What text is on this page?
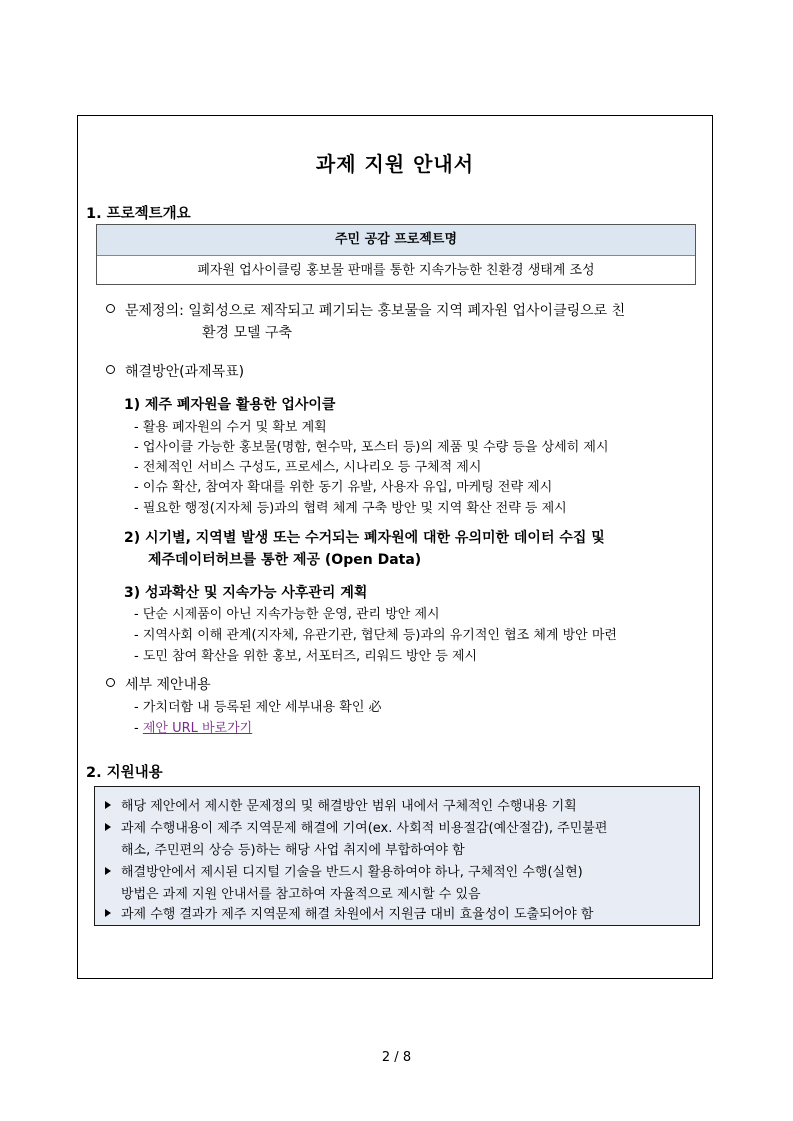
과제 지원 안내서
1. 프로젝트개요
주민 공감 프로젝트명
폐자원 업사이클링 홍보물 판매를 통한 지속가능한 친환경 생태계 조성
문제정의: 일회성으로 제작되고 폐기되는 홍보물을 지역 폐자원 업사이클링으로 친
환경 모델 구축
해결방안(과제목표)
1) 제주 폐자원을 활용한 업사이클
- 활용 폐자원의 수거 및 확보 계획
- 업사이클 가능한 홍보물(명함, 현수막, 포스터 등)의 제품 및 수량 등을 상세히 제시
- 전체적인 서비스 구성도, 프로세스, 시나리오 등 구체적 제시
- 이슈 확산, 참여자 확대를 위한 동기 유발, 사용자 유입, 마케팅 전략 제시
- 필요한 행정(지자체 등)과의 협력 체계 구축 방안 및 지역 확산 전략 등 제시
2) 시기별, 지역별 발생 또는 수거되는 폐자원에 대한 유의미한 데이터 수집 및
제주데이터허브를 통한 제공 (Open Data)
3) 성과확산 및 지속가능 사후관리 계획
- 단순 시제품이 아닌 지속가능한 운영, 관리 방안 제시
- 지역사회 이해 관계(지자체, 유관기관, 협단체 등)과의 유기적인 협조 체계 방안 마련
- 도민 참여 확산을 위한 홍보, 서포터즈, 리워드 방안 등 제시
세부 제안내용
- 가치더함 내 등록된 제안 세부내용 확인 必
- 제안 URL 바로가기
2. 지원내용
해당 제안에서 제시한 문제정의 및 해결방안 범위 내에서 구체적인 수행내용 기획
과제 수행내용이 제주 지역문제 해결에 기여(ex. 사회적 비용절감(예산절감), 주민불편
해소, 주민편의 상승 등)하는 해당 사업 취지에 부합하여야 함
해결방안에서 제시된 디지털 기술을 반드시 활용하여야 하나, 구체적인 수행(실현)
방법은 과제 지원 안내서를 참고하여 자율적으로 제시할 수 있음
과제 수행 결과가 제주 지역문제 해결 차원에서 지원금 대비 효율성이 도출되어야 함
2 / 8
